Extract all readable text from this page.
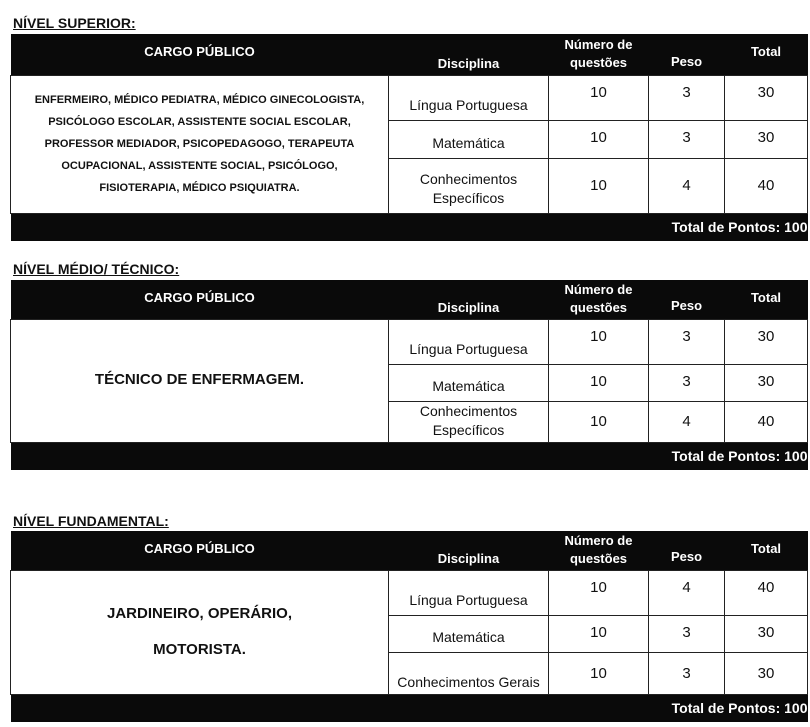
NÍVEL SUPERIOR:
CARGO PÚBLICO	Disciplina	Número de questões	Peso	Total
ENFERMEIRO, MÉDICO PEDIATRA, MÉDICO GINECOLOGISTA, PSICÓLOGO ESCOLAR, ASSISTENTE SOCIAL ESCOLAR, PROFESSOR MEDIADOR, PSICOPEDAGOGO, TERAPEUTA OCUPACIONAL, ASSISTENTE SOCIAL, PSICÓLOGO, FISIOTERAPIA, MÉDICO PSIQUIATRA.	Língua Portuguesa	10	3	30
	Matemática	10	3	30
	Conhecimentos Específicos	10	4	40
Total de Pontos: 100				
NÍVEL MÉDIO/ TÉCNICO:
CARGO PÚBLICO	Disciplina	Número de questões	Peso	Total
TÉCNICO DE ENFERMAGEM.	Língua Portuguesa	10	3	30
	Matemática	10	3	30
	Conhecimentos Específicos	10	4	40
Total de Pontos: 100				
NÍVEL FUNDAMENTAL:
CARGO PÚBLICO	Disciplina	Número de questões	Peso	Total

JARDINEIRO, OPERÁRIO, MOTORISTA.	Língua Portuguesa	10	4	40
	Matemática	10	3	30
	Conhecimentos Gerais	10	3	30
Total de Pontos: 100				
